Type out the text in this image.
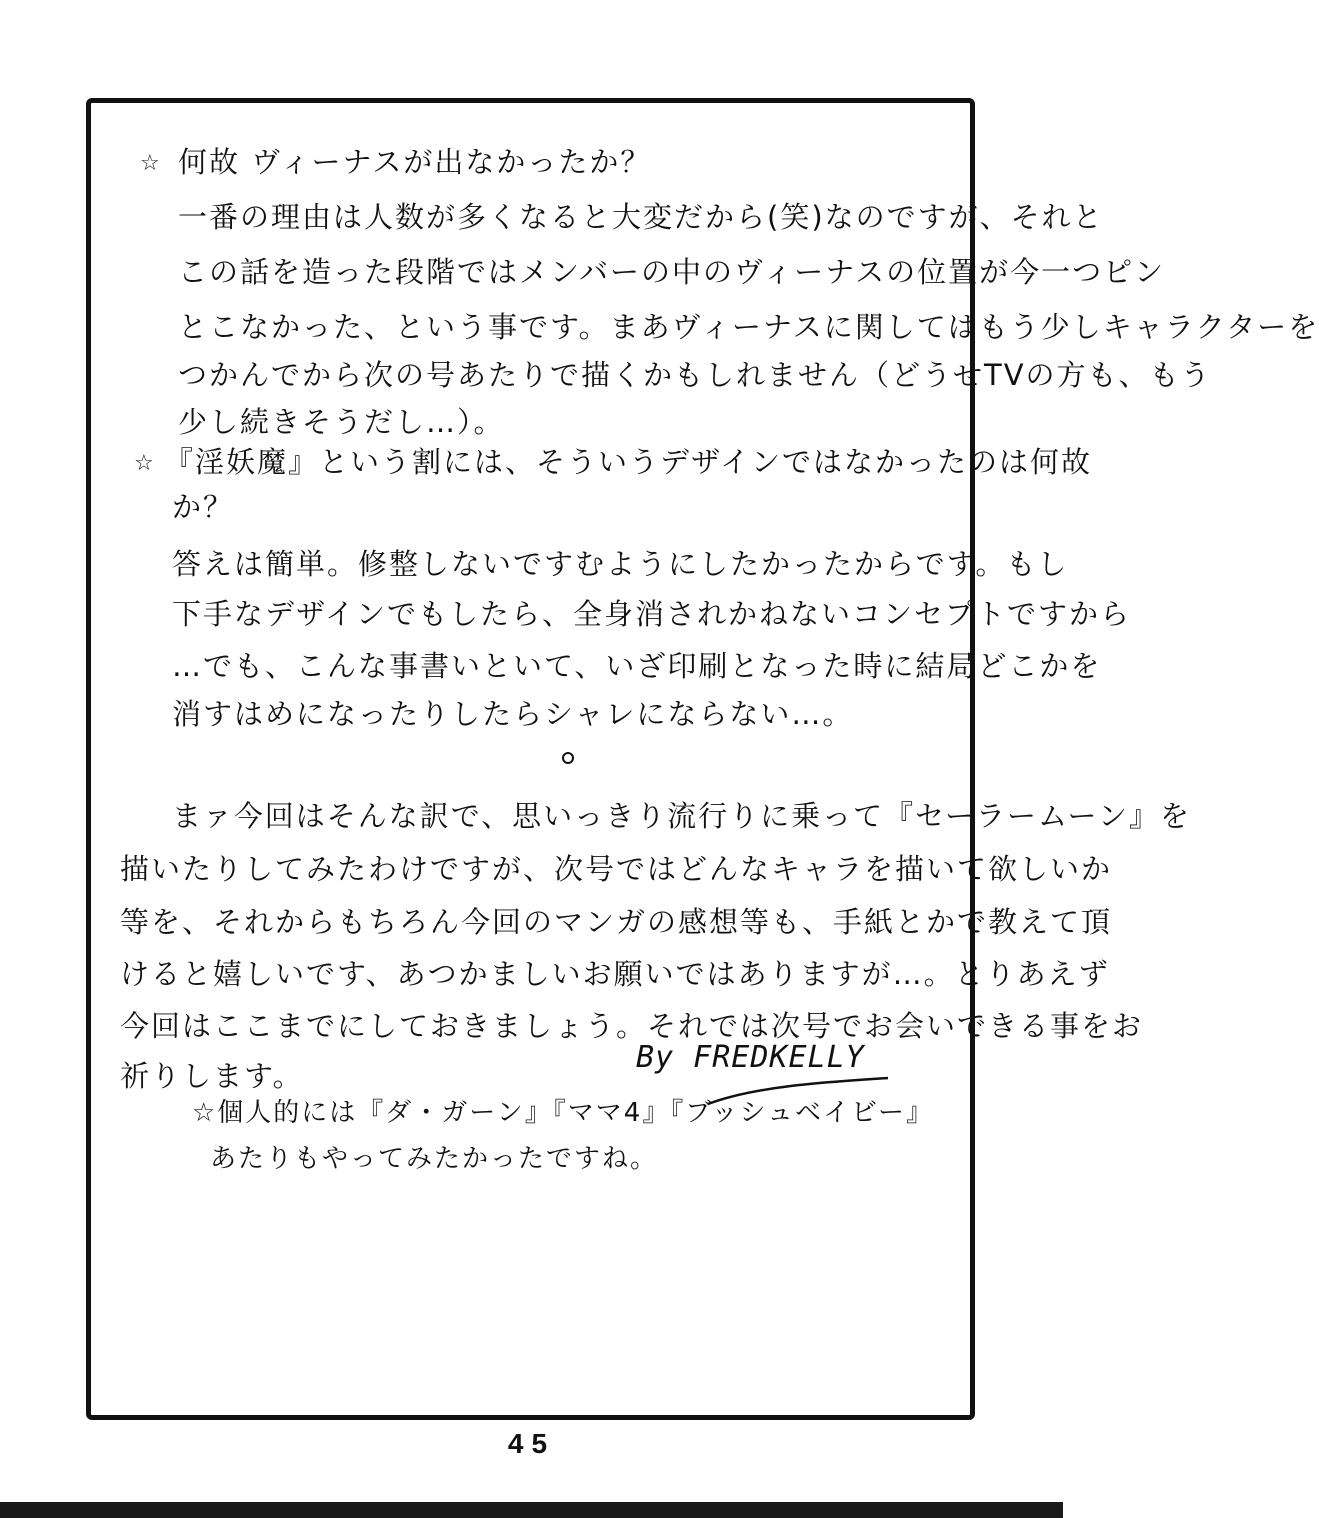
☆ 何故 ヴィーナスが出なかったか？
一番の理由は人数が多くなると大変だから(笑)なのですが、それと
この話を造った段階ではメンバーの中のヴィーナスの位置が今一つピン
とこなかった、という事です。まあヴィーナスに関してはもう少しキャラクターを
つかんでから次の号あたりで描くかもしれません（どうせTVの方も、もう
少し続きそうだし…）。
☆ 『淫妖魔』という割には、そういうデザインではなかったのは何故
か？
答えは簡単。修整しないですむようにしたかったからです。もし
下手なデザインでもしたら、全身消されかねないコンセプトですから
…でも、こんな事書いといて、いざ印刷となった時に結局どこかを
消すはめになったりしたらシャレにならない…。
まァ今回はそんな訳で、思いっきり流行りに乗って『セーラームーン』を
描いたりしてみたわけですが、次号ではどんなキャラを描いて欲しいか
等を、それからもちろん今回のマンガの感想等も、手紙とかで教えて頂
けると嬉しいです、あつかましいお願いではありますが…。とりあえず
今回はここまでにしておきましょう。それでは次号でお会いできる事をお
祈りします。
By FREDKELLY
☆個人的には『ダ・ガーン』『ママ4』『ブッシュベイビー』
あたりもやってみたかったですね。
45
